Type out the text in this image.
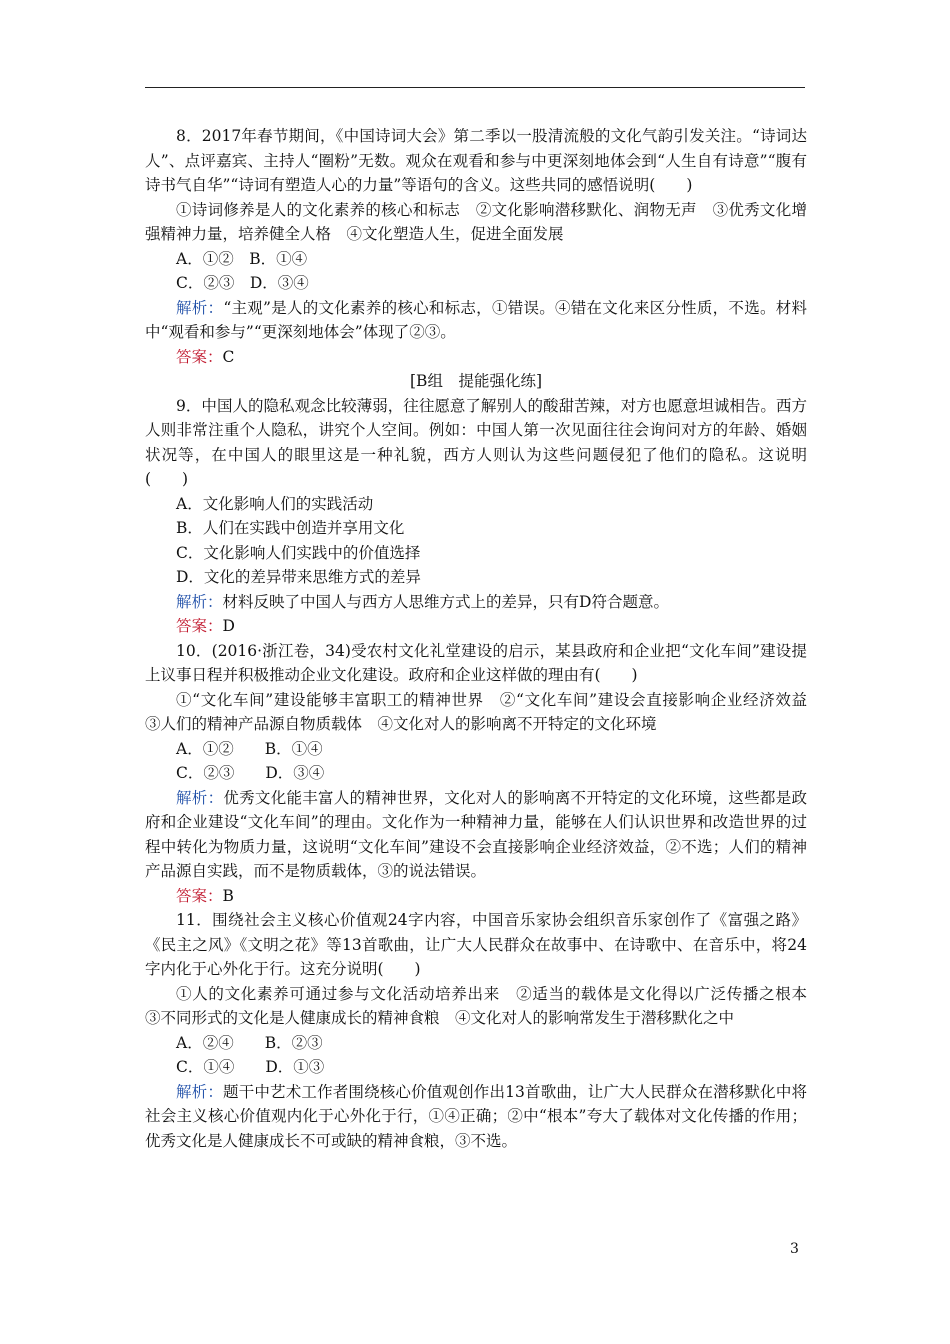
8．2017年春节期间，《中国诗词大会》第二季以一股清流般的文化气韵引发关注。“诗词达人”、点评嘉宾、主持人“圈粉”无数。观众在观看和参与中更深刻地体会到“人生自有诗意”“腹有诗书气自华”“诗词有塑造人心的力量”等语句的含义。这些共同的感悟说明(　　)

①诗词修养是人的文化素养的核心和标志　②文化影响潜移默化、润物无声　③优秀文化增强精神力量，培养健全人格　④文化塑造人生，促进全面发展

A．①②　B．①④

C．②③　D．③④

解析：“主观”是人的文化素养的核心和标志，①错误。④错在文化来区分性质，不选。材料中“观看和参与”“更深刻地体会”体现了②③。

答案：C

[B组　提能强化练]

9．中国人的隐私观念比较薄弱，往往愿意了解别人的酸甜苦辣，对方也愿意坦诚相告。西方人则非常注重个人隐私，讲究个人空间。例如：中国人第一次见面往往会询问对方的年龄、婚姻状况等，在中国人的眼里这是一种礼貌，西方人则认为这些问题侵犯了他们的隐私。这说明(　　)

A．文化影响人们的实践活动

B．人们在实践中创造并享用文化

C．文化影响人们实践中的价值选择

D．文化的差异带来思维方式的差异

解析：材料反映了中国人与西方人思维方式上的差异，只有D符合题意。

答案：D

10．(2016·浙江卷，34)受农村文化礼堂建设的启示，某县政府和企业把“文化车间”建设提上议事日程并积极推动企业文化建设。政府和企业这样做的理由有(　　)

①“文化车间”建设能够丰富职工的精神世界　②“文化车间”建设会直接影响企业经济效益　③人们的精神产品源自物质载体　④文化对人的影响离不开特定的文化环境

A．①②　　B．①④

C．②③　　D．③④

解析：优秀文化能丰富人的精神世界，文化对人的影响离不开特定的文化环境，这些都是政府和企业建设“文化车间”的理由。文化作为一种精神力量，能够在人们认识世界和改造世界的过程中转化为物质力量，这说明“文化车间”建设不会直接影响企业经济效益，②不选；人们的精神产品源自实践，而不是物质载体，③的说法错误。

答案：B

11．围绕社会主义核心价值观24字内容，中国音乐家协会组织音乐家创作了《富强之路》《民主之风》《文明之花》等13首歌曲，让广大人民群众在故事中、在诗歌中、在音乐中，将24字内化于心外化于行。这充分说明(　　)

①人的文化素养可通过参与文化活动培养出来　②适当的载体是文化得以广泛传播之根本　③不同形式的文化是人健康成长的精神食粮　④文化对人的影响常发生于潜移默化之中

A．②④　　B．②③

C．①④　　D．①③

解析：题干中艺术工作者围绕核心价值观创作出13首歌曲，让广大人民群众在潜移默化中将社会主义核心价值观内化于心外化于行，①④正确；②中“根本”夸大了载体对文化传播的作用；优秀文化是人健康成长不可或缺的精神食粮，③不选。

3
